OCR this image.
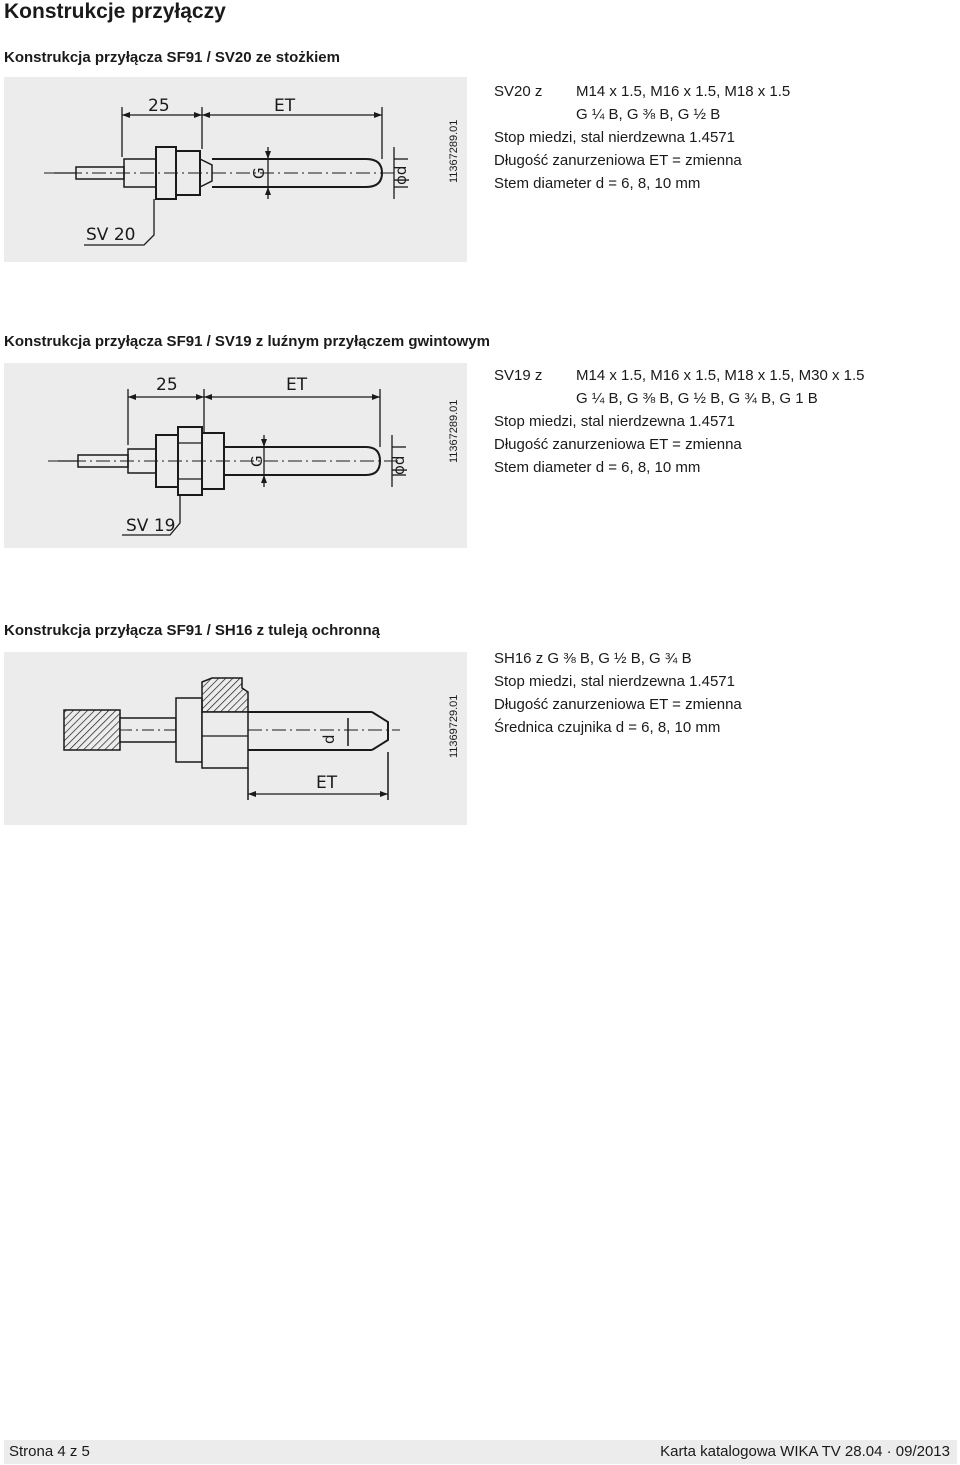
Konstrukcje przyłączy
Konstrukcja przyłącza SF91 / SV20 ze stożkiem
25	ET
G	ϕd
SV 20
11367289.01
SV20 z M14 x 1.5, M16 x 1.5, M18 x 1.5
G ¼ B, G ⅜ B, G ½ B
Stop miedzi, stal nierdzewna 1.4571
Długość zanurzeniowa ET = zmienna
Stem diameter d = 6, 8, 10 mm
Konstrukcja przyłącza SF91 / SV19 z luźnym przyłączem gwintowym
25	ET
G	ϕd
SV 19
11367289.01
SV19 z M14 x 1.5, M16 x 1.5, M18 x 1.5, M30 x 1.5
G ¼ B, G ⅜ B, G ½ B, G ¾ B, G 1 B
Stop miedzi, stal nierdzewna 1.4571
Długość zanurzeniowa ET = zmienna
Stem diameter d = 6, 8, 10 mm
Konstrukcja przyłącza SF91 / SH16 z tuleją ochronną
d
ET
11369729.01
SH16 z G ⅜ B, G ½ B, G ¾ B
Stop miedzi, stal nierdzewna 1.4571
Długość zanurzeniowa ET = zmienna
Średnica czujnika d = 6, 8, 10 mm
Strona 4 z 5	Karta katalogowa WIKA TV 28.04 · 09/2013
